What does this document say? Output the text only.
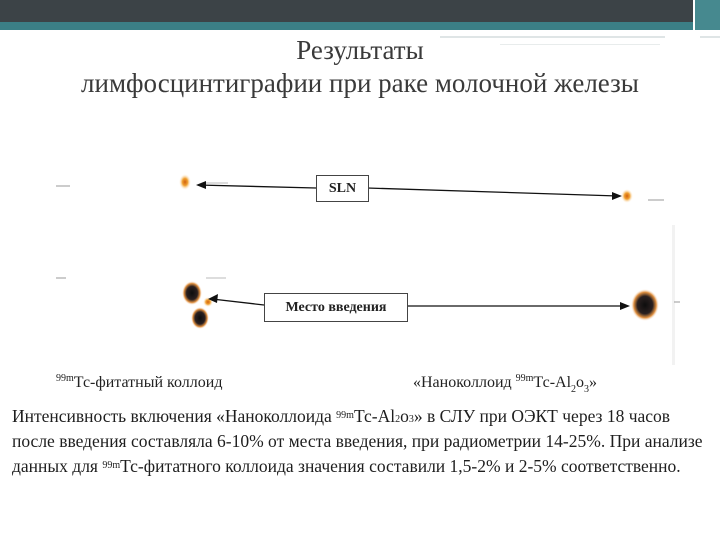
Результаты
лимфосцинтиграфии при раке молочной железы
SLN
Место введения
$^{99m}$Тс-фитатный коллоид	«Наноколлоид $^{99m}$Тс-Al2o3»
Интенсивность включения «Наноколлоида $^{99m}$Тс-Al2o3» в СЛУ при ОЭКТ через 18 часов после введения составляла 6-10% от места введения, при радиометрии 14-25%. При анализе данных для $^{99m}$Тс-фитатного коллоида значения составили 1,5-2% и 2-5% соответственно.
